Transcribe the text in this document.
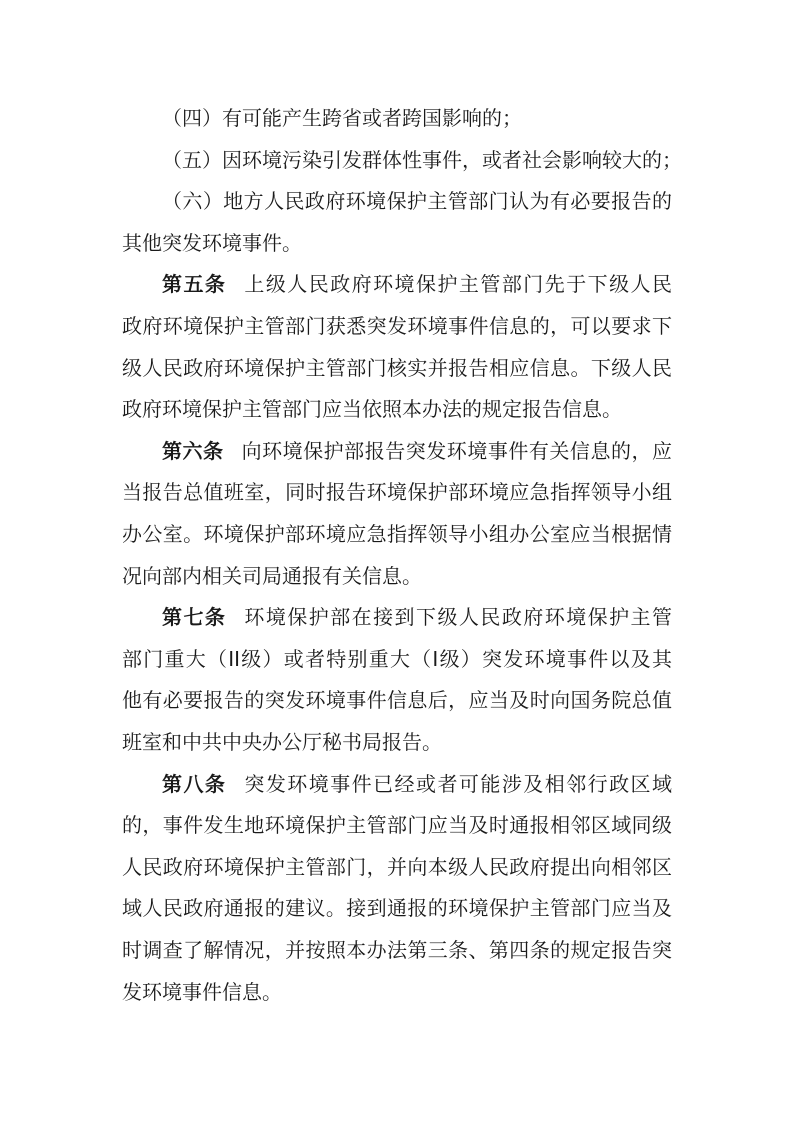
（四）有可能产生跨省或者跨国影响的；
（五）因环境污染引发群体性事件，或者社会影响较大的；
（六）地方人民政府环境保护主管部门认为有必要报告的
其他突发环境事件。
第五条 上级人民政府环境保护主管部门先于下级人民
政府环境保护主管部门获悉突发环境事件信息的，可以要求下
级人民政府环境保护主管部门核实并报告相应信息。下级人民
政府环境保护主管部门应当依照本办法的规定报告信息。
第六条 向环境保护部报告突发环境事件有关信息的，应
当报告总值班室，同时报告环境保护部环境应急指挥领导小组
办公室。环境保护部环境应急指挥领导小组办公室应当根据情
况向部内相关司局通报有关信息。
第七条 环境保护部在接到下级人民政府环境保护主管
部门重大（II级）或者特别重大（I级）突发环境事件以及其
他有必要报告的突发环境事件信息后，应当及时向国务院总值
班室和中共中央办公厅秘书局报告。
第八条 突发环境事件已经或者可能涉及相邻行政区域
的，事件发生地环境保护主管部门应当及时通报相邻区域同级
人民政府环境保护主管部门，并向本级人民政府提出向相邻区
域人民政府通报的建议。接到通报的环境保护主管部门应当及
时调查了解情况，并按照本办法第三条、第四条的规定报告突
发环境事件信息。
